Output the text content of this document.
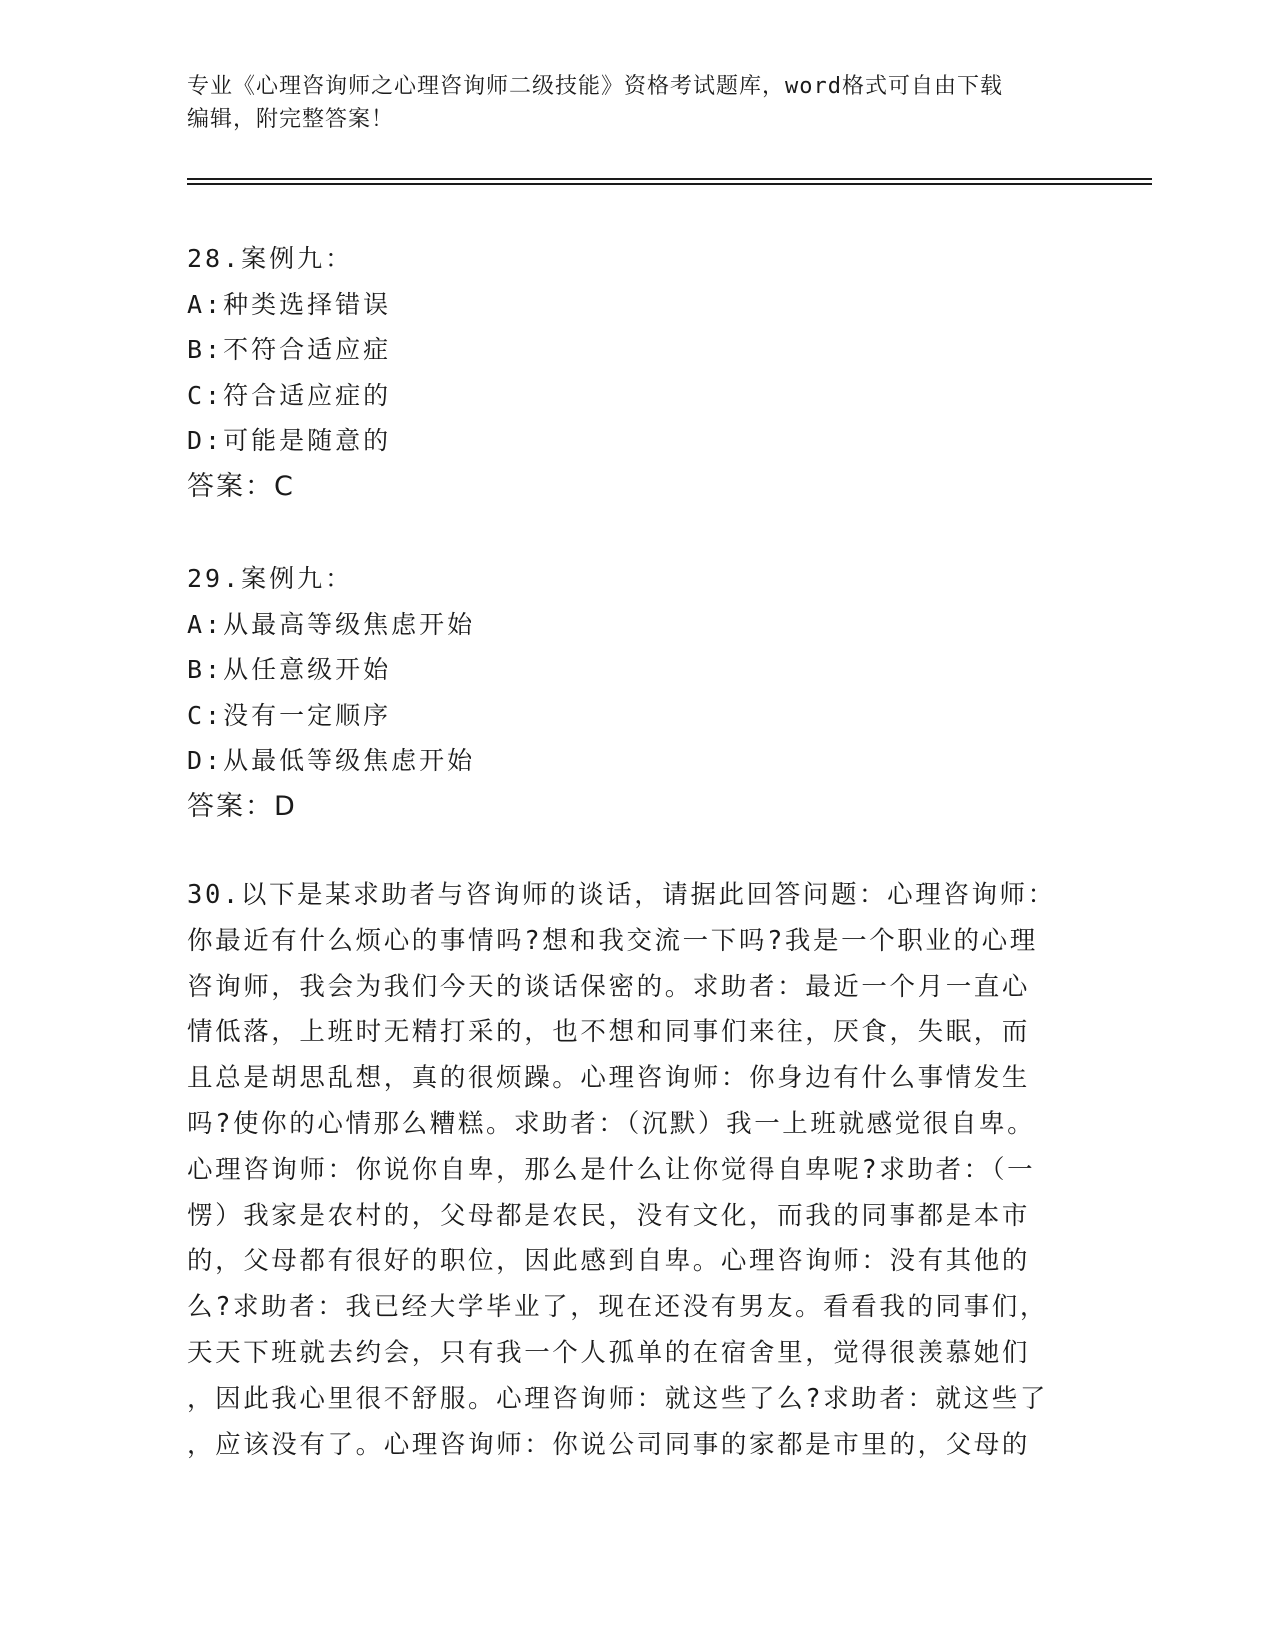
专业《心理咨询师之心理咨询师二级技能》资格考试题库，word格式可自由下载
编辑，附完整答案！
28.案例九：
A:种类选择错误
B:不符合适应症
C:符合适应症的
D:可能是随意的
答案：C
29.案例九：
A:从最高等级焦虑开始
B:从任意级开始
C:没有一定顺序
D:从最低等级焦虑开始
答案：D
30.以下是某求助者与咨询师的谈话，请据此回答问题：心理咨询师：
你最近有什么烦心的事情吗?想和我交流一下吗?我是一个职业的心理
咨询师，我会为我们今天的谈话保密的。求助者：最近一个月一直心
情低落，上班时无精打采的，也不想和同事们来往，厌食，失眠，而
且总是胡思乱想，真的很烦躁。心理咨询师：你身边有什么事情发生
吗?使你的心情那么糟糕。求助者：（沉默）我一上班就感觉很自卑。
心理咨询师：你说你自卑，那么是什么让你觉得自卑呢?求助者：（一
愣）我家是农村的，父母都是农民，没有文化，而我的同事都是本市
的，父母都有很好的职位，因此感到自卑。心理咨询师：没有其他的
么?求助者：我已经大学毕业了，现在还没有男友。看看我的同事们，
天天下班就去约会，只有我一个人孤单的在宿舍里，觉得很羡慕她们
，因此我心里很不舒服。心理咨询师：就这些了么?求助者：就这些了
，应该没有了。心理咨询师：你说公司同事的家都是市里的，父母的
